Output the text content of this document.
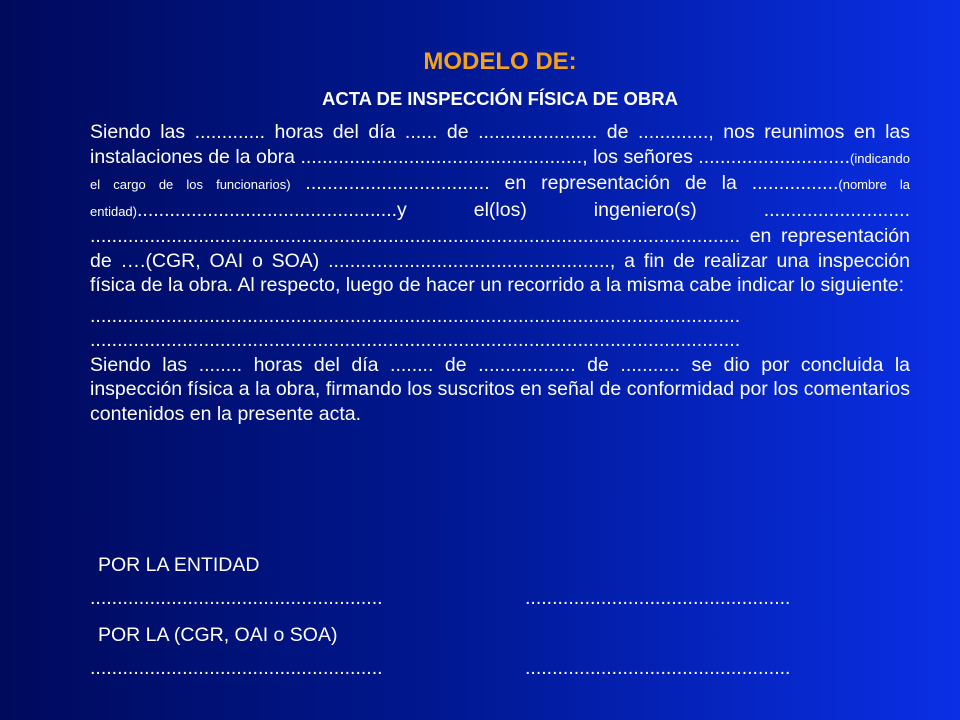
MODELO DE:
ACTA DE INSPECCIÓN FÍSICA DE OBRA
Siendo las ............. horas del día ...... de ...................... de ............., nos reunimos en las instalaciones de la obra ...................................................., los señores ............................(indicando el cargo de los funcionarios) .................................. en representación de la ................(nombre la entidad)................................................y el(los) ingeniero(s) ........................... ........................................................................................................................ en representación de ….(CGR, OAI o SOA) ...................................................., a fin de realizar una inspección física de la obra. Al respecto, luego de hacer un recorrido a la misma cabe indicar lo siguiente:
........................................................................................................................
........................................................................................................................
Siendo las ........ horas del día ........ de .................. de ........... se dio por concluida la inspección física a la obra, firmando los suscritos en señal de conformidad por los comentarios contenidos en la presente acta.
POR LA ENTIDAD
......................................................	.................................................
POR LA (CGR, OAI o SOA)
......................................................	.................................................
